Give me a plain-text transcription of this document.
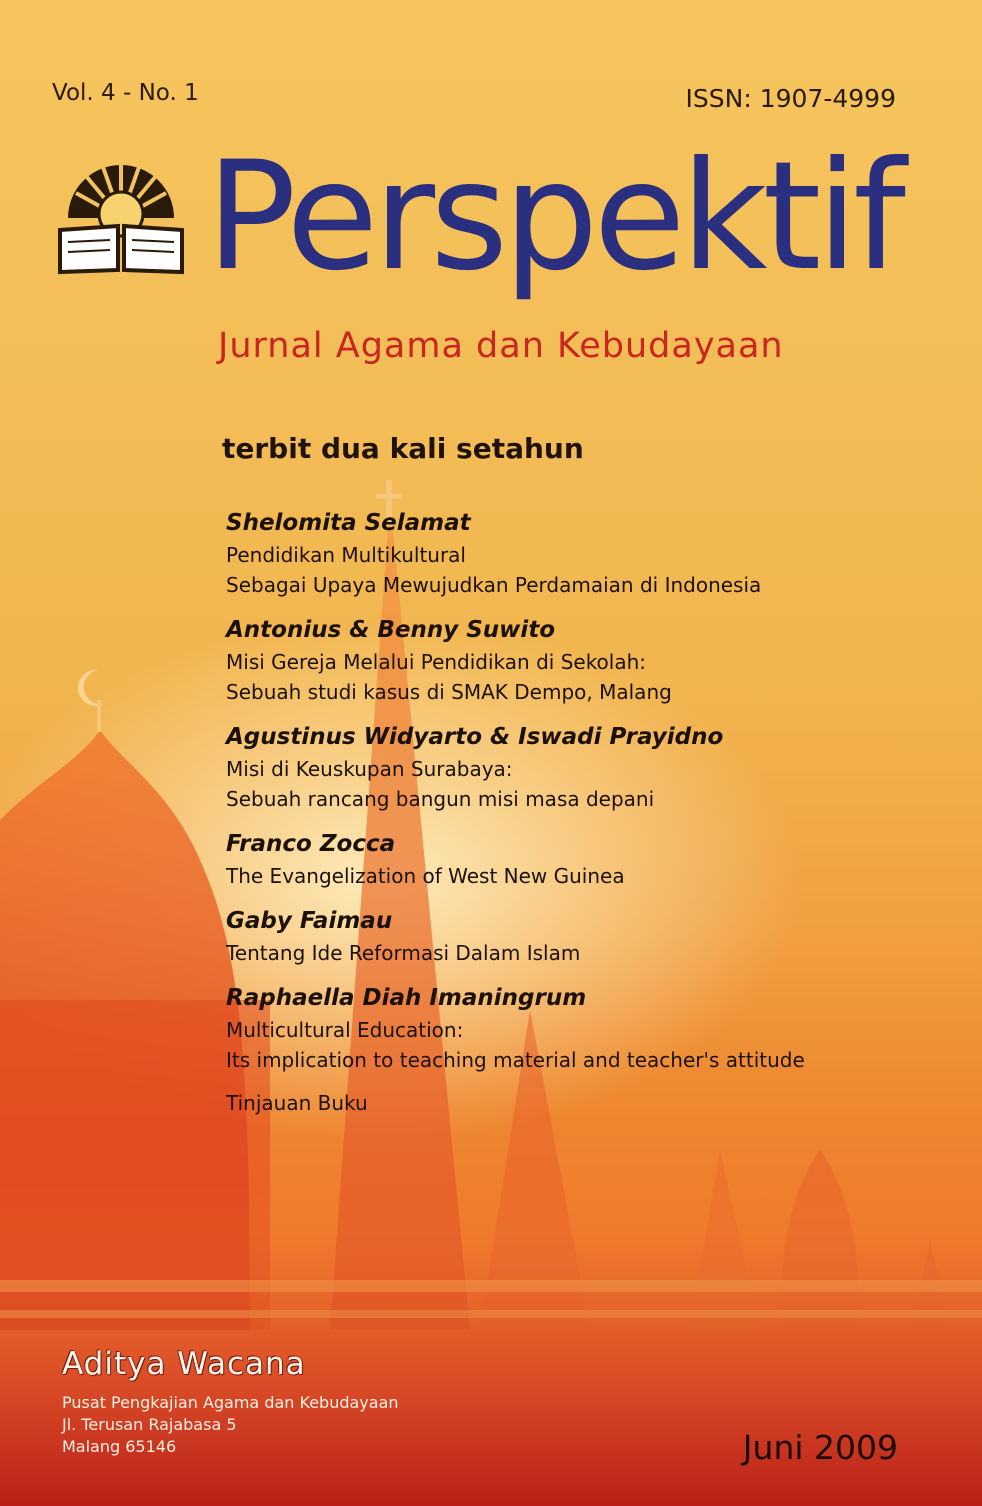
Vol. 4 - No. 1	ISSN: 1907-4999
Perspektif
Jurnal Agama dan Kebudayaan
terbit dua kali setahun
Shelomita Selamat
Pendidikan Multikultural
Sebagai Upaya Mewujudkan Perdamaian di Indonesia
Antonius & Benny Suwito
Misi Gereja Melalui Pendidikan di Sekolah:
Sebuah studi kasus di SMAK Dempo, Malang
Agustinus Widyarto & Iswadi Prayidno
Misi di Keuskupan Surabaya:
Sebuah rancang bangun misi masa depani
Franco Zocca
The Evangelization of West New Guinea
Gaby Faimau
Tentang Ide Reformasi Dalam Islam
Raphaella Diah Imaningrum
Multicultural Education:
Its implication to teaching material and teacher's attitude
Tinjauan Buku
Aditya Wacana
Pusat Pengkajian Agama dan Kebudayaan
Jl. Terusan Rajabasa 5
Malang 65146	Juni 2009
